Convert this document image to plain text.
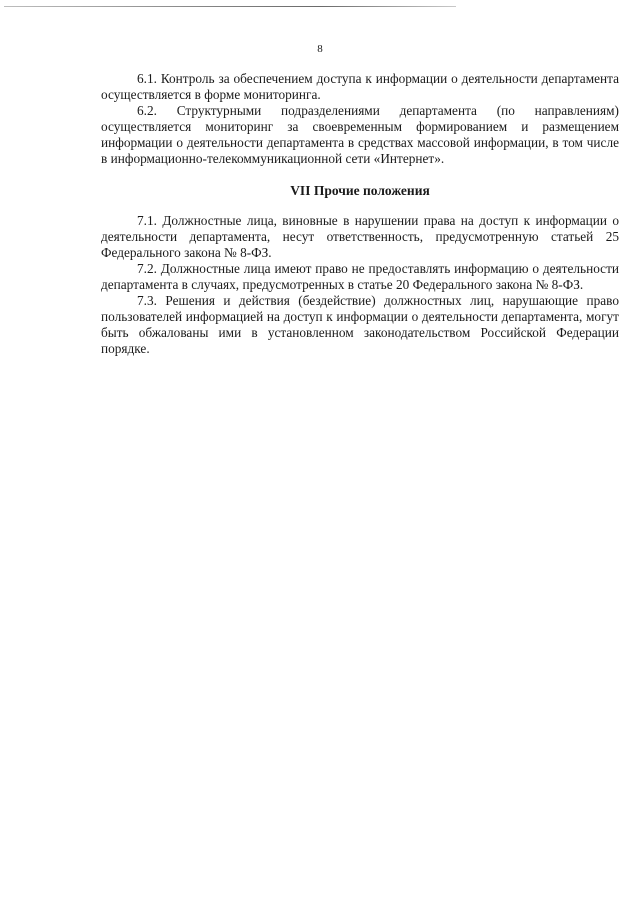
8

6.1. Контроль за обеспечением доступа к информации о деятельности департамента осуществляется в форме мониторинга.

6.2. Структурными подразделениями департамента (по направлениям) осуществляется мониторинг за своевременным формированием и размещением информации о деятельности департамента в средствах массовой информации, в том числе в информационно-телекоммуникационной сети «Интернет».

VII Прочие положения

7.1. Должностные лица, виновные в нарушении права на доступ к информации о деятельности департамента, несут ответственность, предусмотренную статьей 25 Федерального закона № 8-ФЗ.

7.2. Должностные лица имеют право не предоставлять информацию о деятельности департамента в случаях, предусмотренных в статье 20 Федерального закона № 8-ФЗ.

7.3. Решения и действия (бездействие) должностных лиц, нарушающие право пользователей информацией на доступ к информации о деятельности департамента, могут быть обжалованы ими в установленном законодательством Российской Федерации порядке.
